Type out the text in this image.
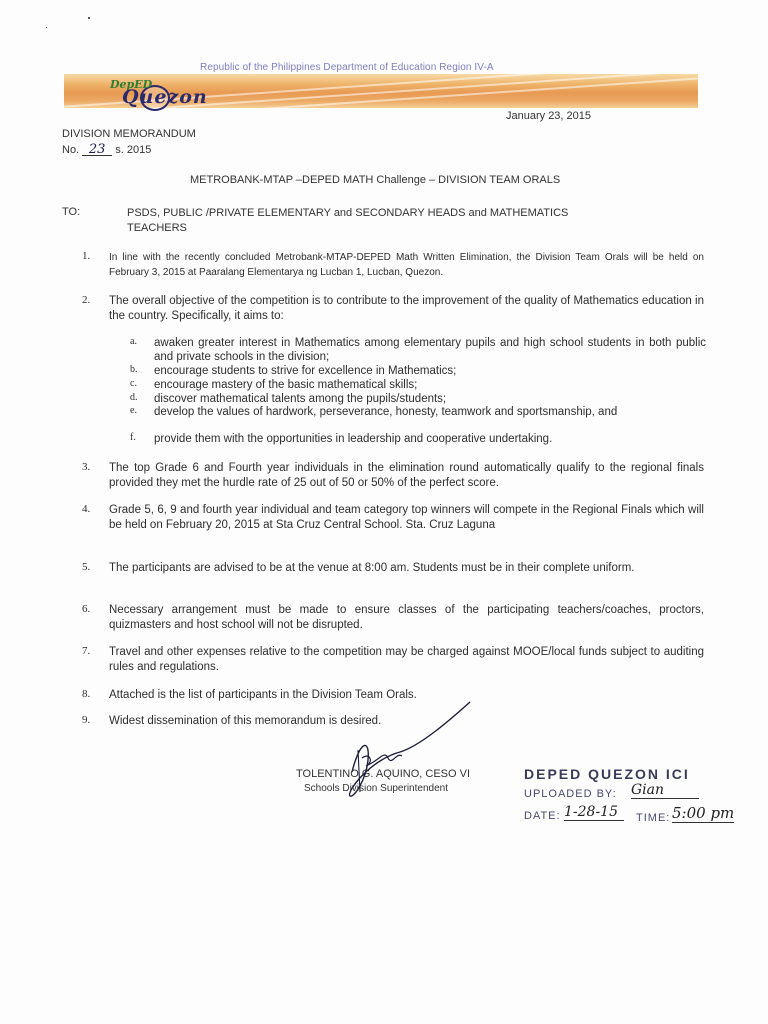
Republic of the Philippines Department of Education Region IV-A
DepED
Quezon
January 23, 2015
DIVISION MEMORANDUM
No. 23 s. 2015
METROBANK-MTAP –DEPED MATH Challenge – DIVISION TEAM ORALS
TO:	PSDS, PUBLIC /PRIVATE ELEMENTARY and SECONDARY HEADS and MATHEMATICS TEACHERS
1.	In line with the recently concluded Metrobank-MTAP-DEPED Math Written Elimination, the Division Team Orals will be held on February 3, 2015 at Paaralang Elementarya ng Lucban 1, Lucban, Quezon.
2.	The overall objective of the competition is to contribute to the improvement of the quality of Mathematics education in the country. Specifically, it aims to:
a. awaken greater interest in Mathematics among elementary pupils and high school students in both public and private schools in the division;
b. encourage students to strive for excellence in Mathematics;
c. encourage mastery of the basic mathematical skills;
d. discover mathematical talents among the pupils/students;
e. develop the values of hardwork, perseverance, honesty, teamwork and sportsmanship, and
f. provide them with the opportunities in leadership and cooperative undertaking.
3.	The top Grade 6 and Fourth year individuals in the elimination round automatically qualify to the regional finals provided they met the hurdle rate of 25 out of 50 or 50% of the perfect score.
4.	Grade 5, 6, 9 and fourth year individual and team category top winners will compete in the Regional Finals which will be held on February 20, 2015 at Sta Cruz Central School. Sta. Cruz Laguna
5.	The participants are advised to be at the venue at 8:00 am. Students must be in their complete uniform.
6.	Necessary arrangement must be made to ensure classes of the participating teachers/coaches, proctors, quizmasters and host school will not be disrupted.
7.	Travel and other expenses relative to the competition may be charged against MOOE/local funds subject to auditing rules and regulations.
8.	Attached is the list of participants in the Division Team Orals.
9.	Widest dissemination of this memorandum is desired.
TOLENTINO G. AQUINO, CESO VI
Schools Division Superintendent
DEPED QUEZON ICI
UPLOADED BY: Gian
DATE: 1-28-15	TIME: 5:00 pm
